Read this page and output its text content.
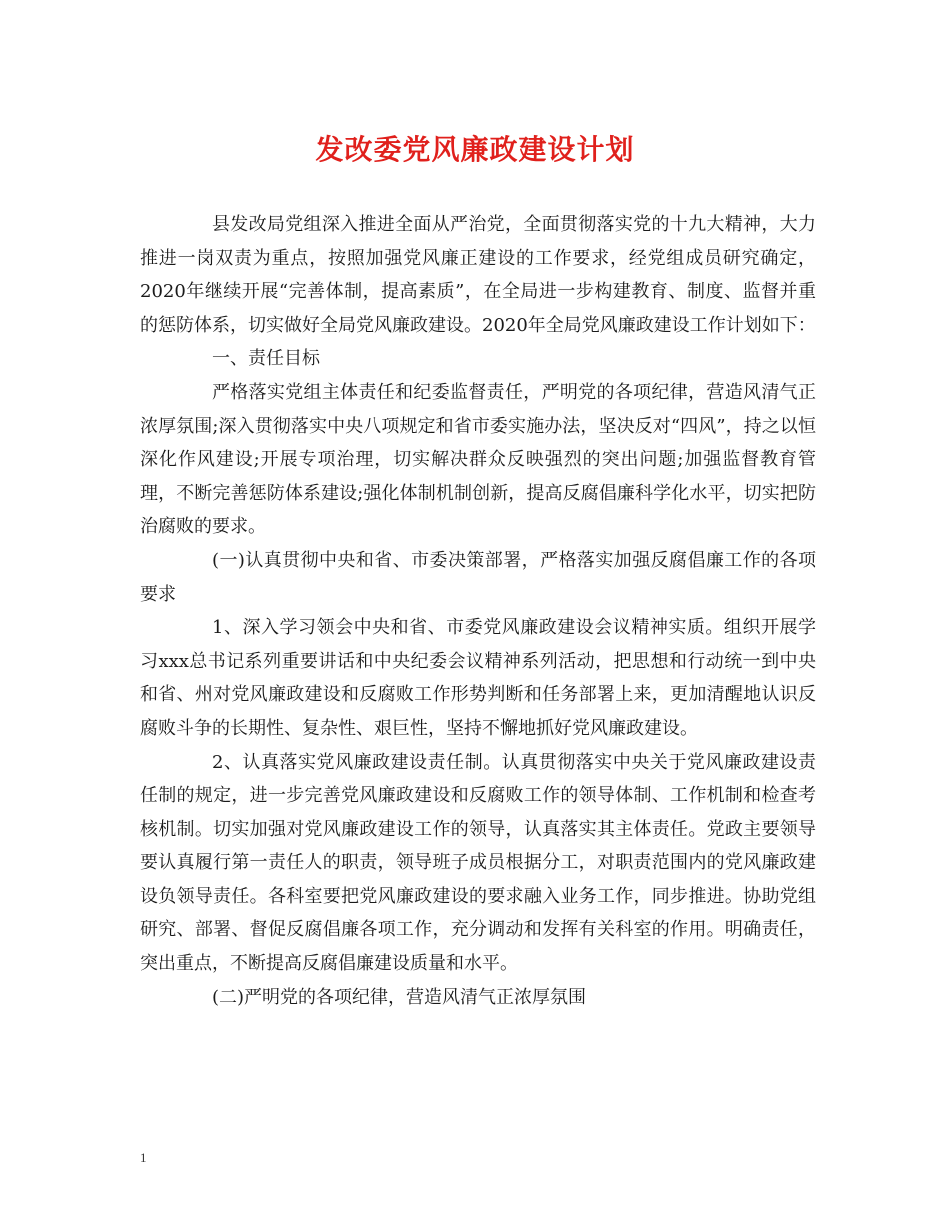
发改委党风廉政建设计划

县发改局党组深入推进全面从严治党，全面贯彻落实党的十九大精神，大力推进一岗双责为重点，按照加强党风廉正建设的工作要求，经党组成员研究确定，2020年继续开展“完善体制，提高素质”，在全局进一步构建教育、制度、监督并重的惩防体系，切实做好全局党风廉政建设。2020年全局党风廉政建设工作计划如下：

一、责任目标

严格落实党组主体责任和纪委监督责任，严明党的各项纪律，营造风清气正浓厚氛围;深入贯彻落实中央八项规定和省市委实施办法，坚决反对“四风”，持之以恒深化作风建设;开展专项治理，切实解决群众反映强烈的突出问题;加强监督教育管理，不断完善惩防体系建设;强化体制机制创新，提高反腐倡廉科学化水平，切实把防治腐败的要求。

(一)认真贯彻中央和省、市委决策部署，严格落实加强反腐倡廉工作的各项要求

1、深入学习领会中央和省、市委党风廉政建设会议精神实质。组织开展学习xxx总书记系列重要讲话和中央纪委会议精神系列活动，把思想和行动统一到中央和省、州对党风廉政建设和反腐败工作形势判断和任务部署上来，更加清醒地认识反腐败斗争的长期性、复杂性、艰巨性，坚持不懈地抓好党风廉政建设。

2、认真落实党风廉政建设责任制。认真贯彻落实中央关于党风廉政建设责任制的规定，进一步完善党风廉政建设和反腐败工作的领导体制、工作机制和检查考核机制。切实加强对党风廉政建设工作的领导，认真落实其主体责任。党政主要领导要认真履行第一责任人的职责，领导班子成员根据分工，对职责范围内的党风廉政建设负领导责任。各科室要把党风廉政建设的要求融入业务工作，同步推进。协助党组研究、部署、督促反腐倡廉各项工作，充分调动和发挥有关科室的作用。明确责任，突出重点，不断提高反腐倡廉建设质量和水平。

(二)严明党的各项纪律，营造风清气正浓厚氛围

1
